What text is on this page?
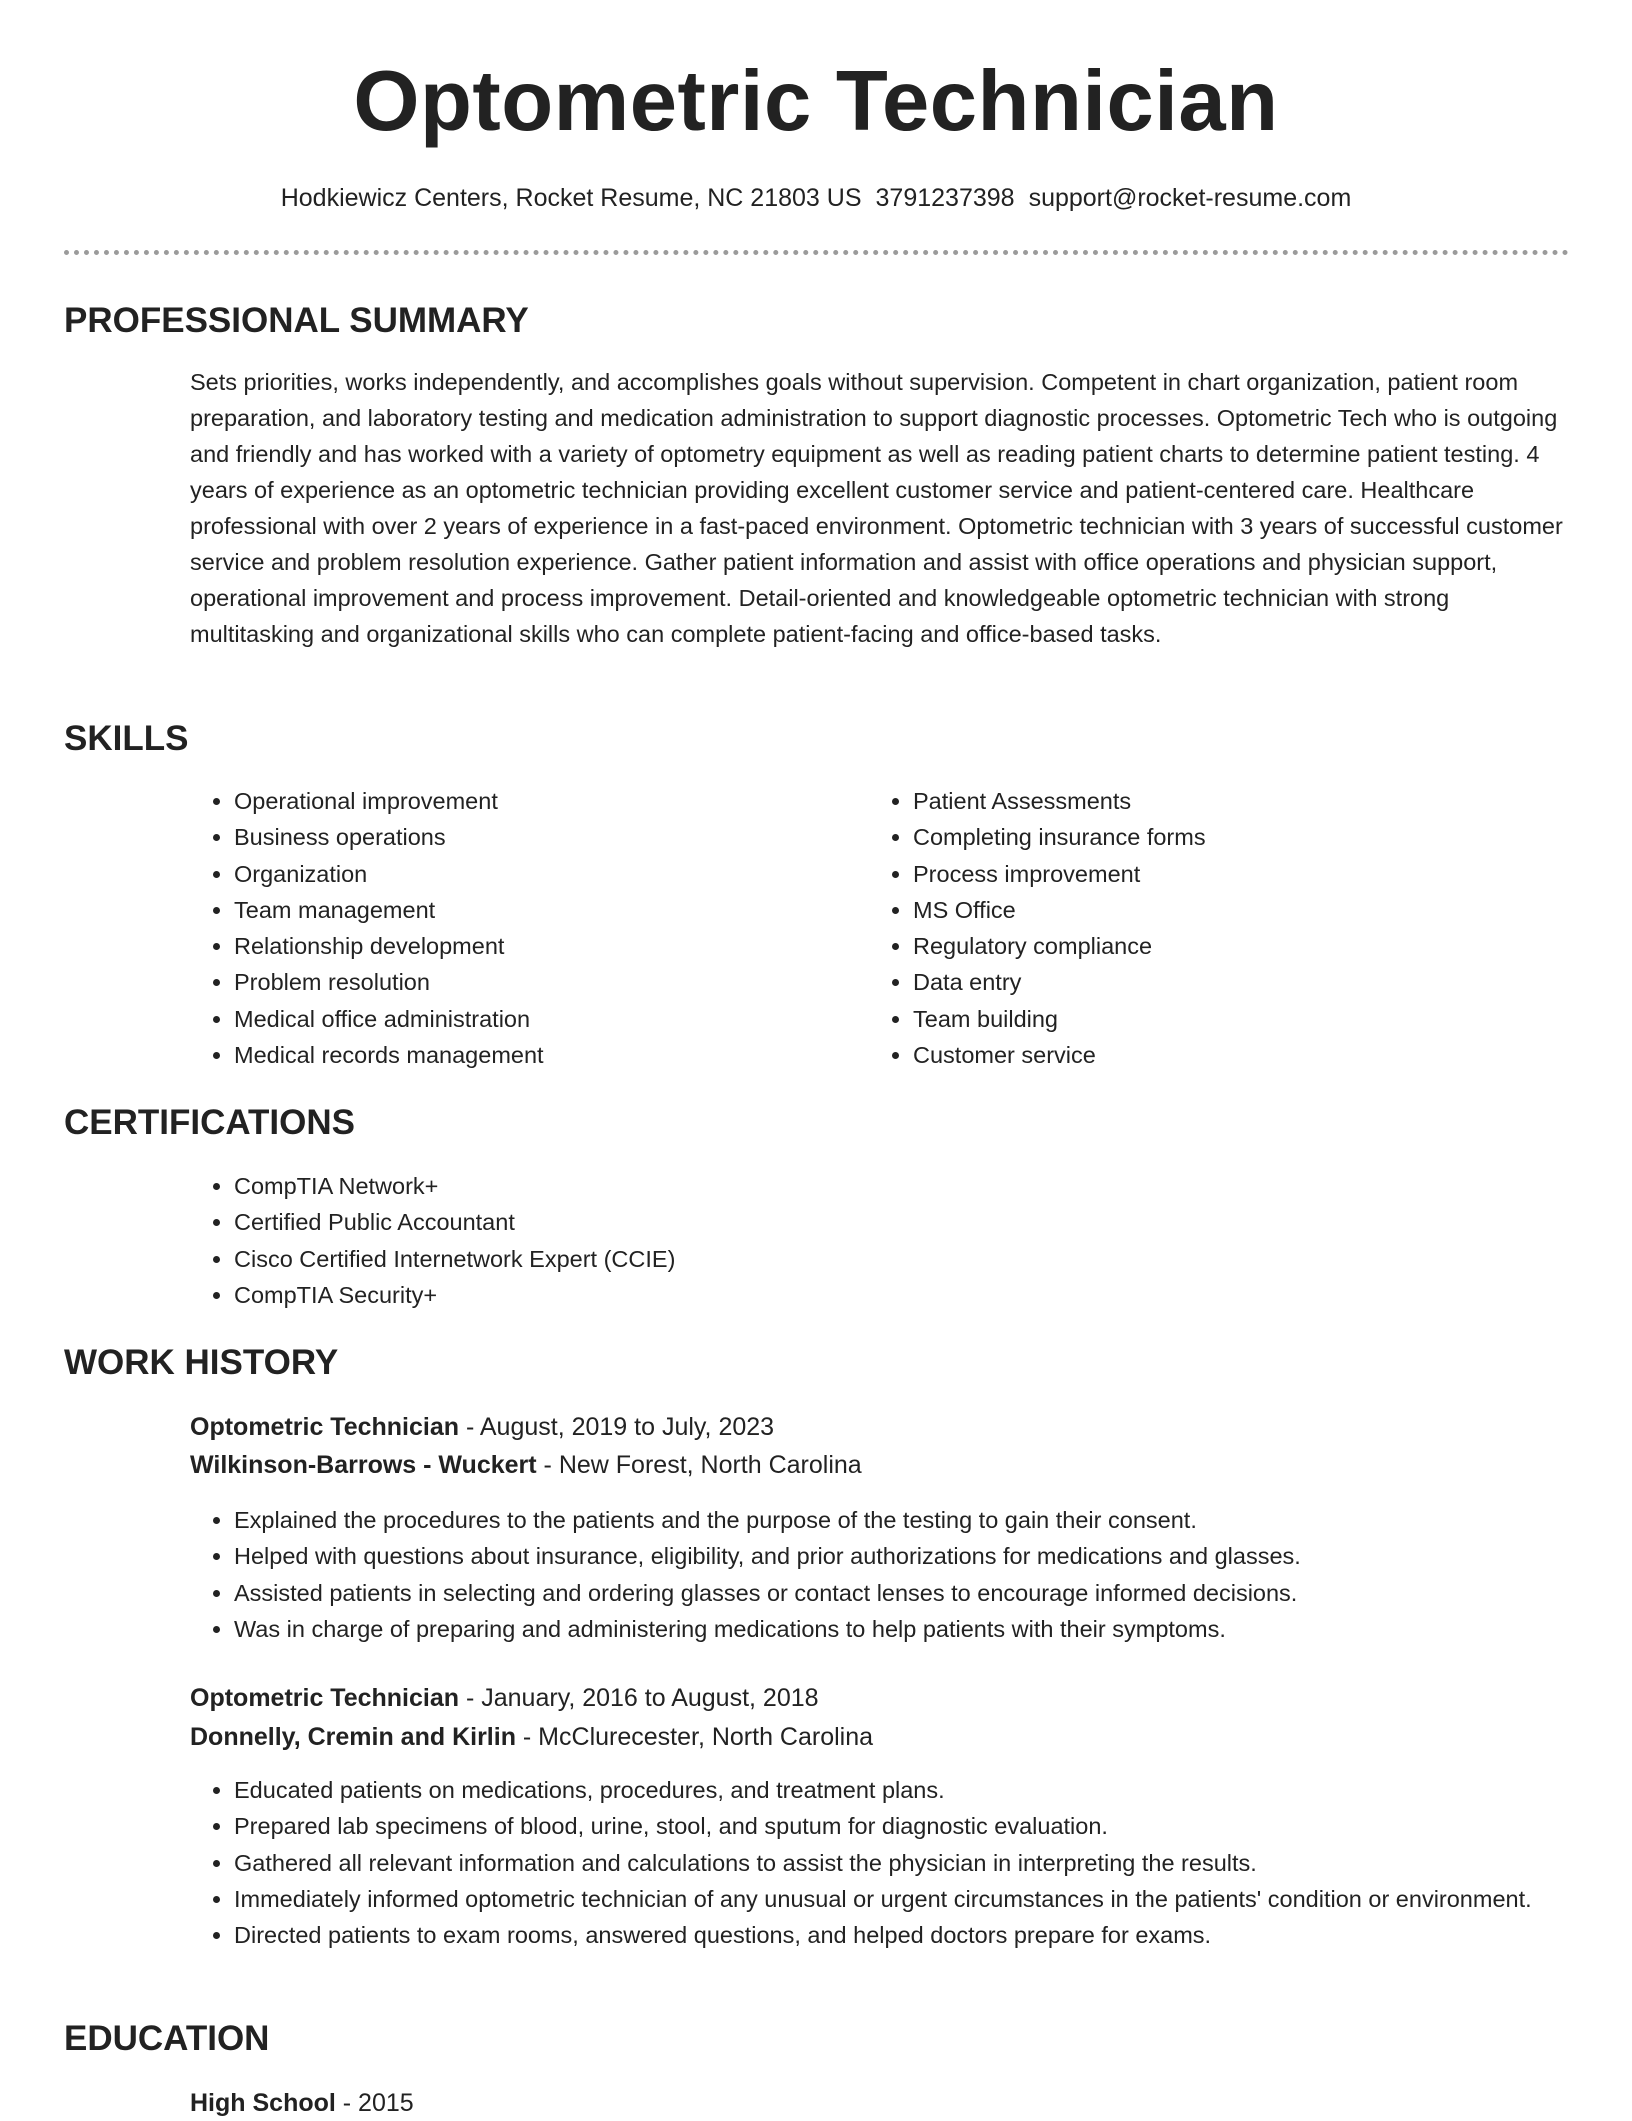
Optometric Technician
Hodkiewicz Centers, Rocket Resume, NC 21803 US 3791237398 support@rocket-resume.com
PROFESSIONAL SUMMARY

Sets priorities, works independently, and accomplishes goals without supervision. Competent in chart organization, patient room preparation, and laboratory testing and medication administration to support diagnostic processes. Optometric Tech who is outgoing and friendly and has worked with a variety of optometry equipment as well as reading patient charts to determine patient testing. 4 years of experience as an optometric technician providing excellent customer service and patient-centered care. Healthcare professional with over 2 years of experience in a fast-paced environment. Optometric technician with 3 years of successful customer service and problem resolution experience. Gather patient information and assist with office operations and physician support, operational improvement and process improvement. Detail-oriented and knowledgeable optometric technician with strong multitasking and organizational skills who can complete patient-facing and office-based tasks.

SKILLS
• Operational improvement
• Business operations
• Organization
• Team management
• Relationship development
• Problem resolution
• Medical office administration
• Medical records management
• Patient Assessments
• Completing insurance forms
• Process improvement
• MS Office
• Regulatory compliance
• Data entry
• Team building
• Customer service
CERTIFICATIONS
• CompTIA Network+
• Certified Public Accountant
• Cisco Certified Internetwork Expert (CCIE)
• CompTIA Security+
WORK HISTORY
Optometric Technician - August, 2019 to July, 2023
Wilkinson-Barrows - Wuckert - New Forest, North Carolina
• Explained the procedures to the patients and the purpose of the testing to gain their consent.
• Helped with questions about insurance, eligibility, and prior authorizations for medications and glasses.
• Assisted patients in selecting and ordering glasses or contact lenses to encourage informed decisions.
• Was in charge of preparing and administering medications to help patients with their symptoms.
Optometric Technician - January, 2016 to August, 2018
Donnelly, Cremin and Kirlin - McClurecester, North Carolina
• Educated patients on medications, procedures, and treatment plans.
• Prepared lab specimens of blood, urine, stool, and sputum for diagnostic evaluation.
• Gathered all relevant information and calculations to assist the physician in interpreting the results.
• Immediately informed optometric technician of any unusual or urgent circumstances in the patients' condition or environment.
• Directed patients to exam rooms, answered questions, and helped doctors prepare for exams.
EDUCATION
High School - 2015
